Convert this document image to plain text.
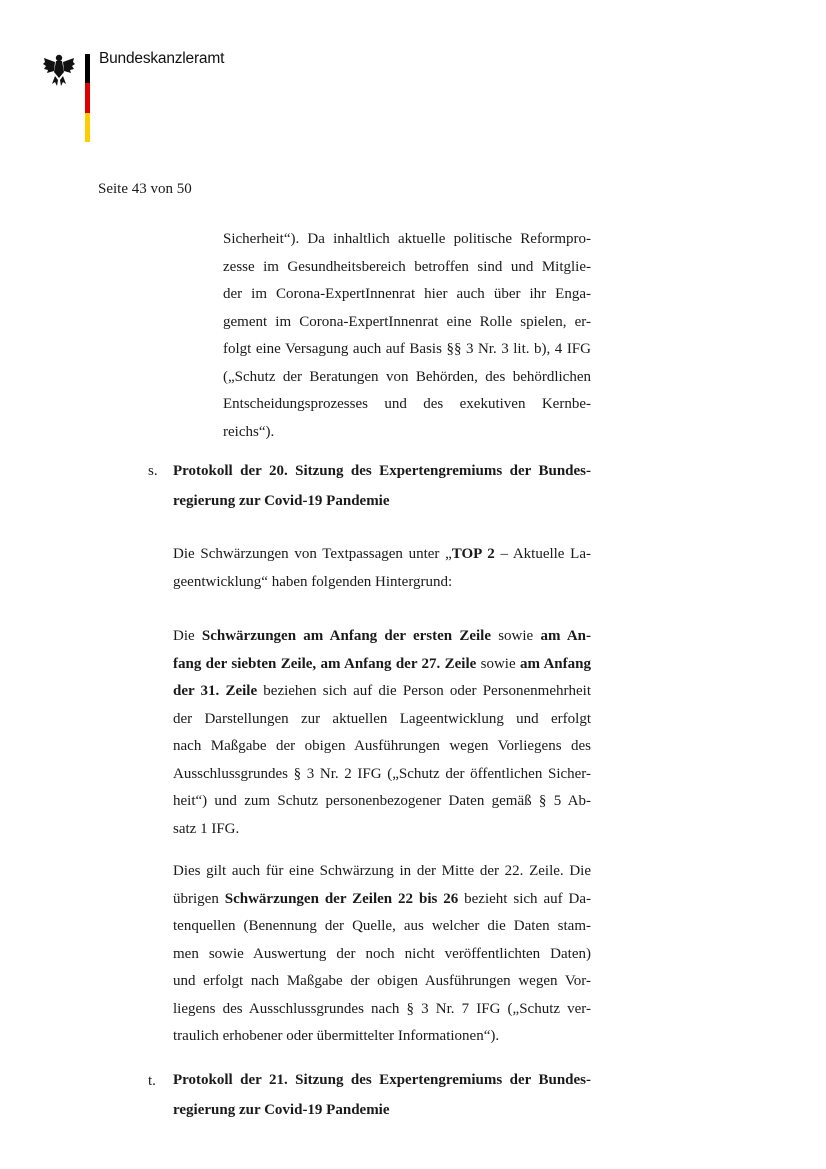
Bundeskanzleramt
Seite 43 von 50
Sicherheit“). Da inhaltlich aktuelle politische Reformpro-
zesse im Gesundheitsbereich betroffen sind und Mitglie-
der im Corona-ExpertInnenrat hier auch über ihr Enga-
gement im Corona-ExpertInnenrat eine Rolle spielen, er-
folgt eine Versagung auch auf Basis §§ 3 Nr. 3 lit. b), 4 IFG
(„Schutz der Beratungen von Behörden, des behördlichen
Entscheidungsprozesses und des exekutiven Kernbe-
reichs“).
s. Protokoll der 20. Sitzung des Expertengremiums der Bundes-
regierung zur Covid-19 Pandemie
Die Schwärzungen von Textpassagen unter „TOP 2 – Aktuelle La-
geentwicklung“ haben folgenden Hintergrund:
Die Schwärzungen am Anfang der ersten Zeile sowie am An-
fang der siebten Zeile, am Anfang der 27. Zeile sowie am Anfang
der 31. Zeile beziehen sich auf die Person oder Personenmehrheit
der Darstellungen zur aktuellen Lageentwicklung und erfolgt
nach Maßgabe der obigen Ausführungen wegen Vorliegens des
Ausschlussgrundes § 3 Nr. 2 IFG („Schutz der öffentlichen Sicher-
heit“) und zum Schutz personenbezogener Daten gemäß § 5 Ab-
satz 1 IFG.
Dies gilt auch für eine Schwärzung in der Mitte der 22. Zeile. Die
übrigen Schwärzungen der Zeilen 22 bis 26 bezieht sich auf Da-
tenquellen (Benennung der Quelle, aus welcher die Daten stam-
men sowie Auswertung der noch nicht veröffentlichten Daten)
und erfolgt nach Maßgabe der obigen Ausführungen wegen Vor-
liegens des Ausschlussgrundes nach § 3 Nr. 7 IFG („Schutz ver-
traulich erhobener oder übermittelter Informationen“).
t. Protokoll der 21. Sitzung des Expertengremiums der Bundes-
regierung zur Covid-19 Pandemie
